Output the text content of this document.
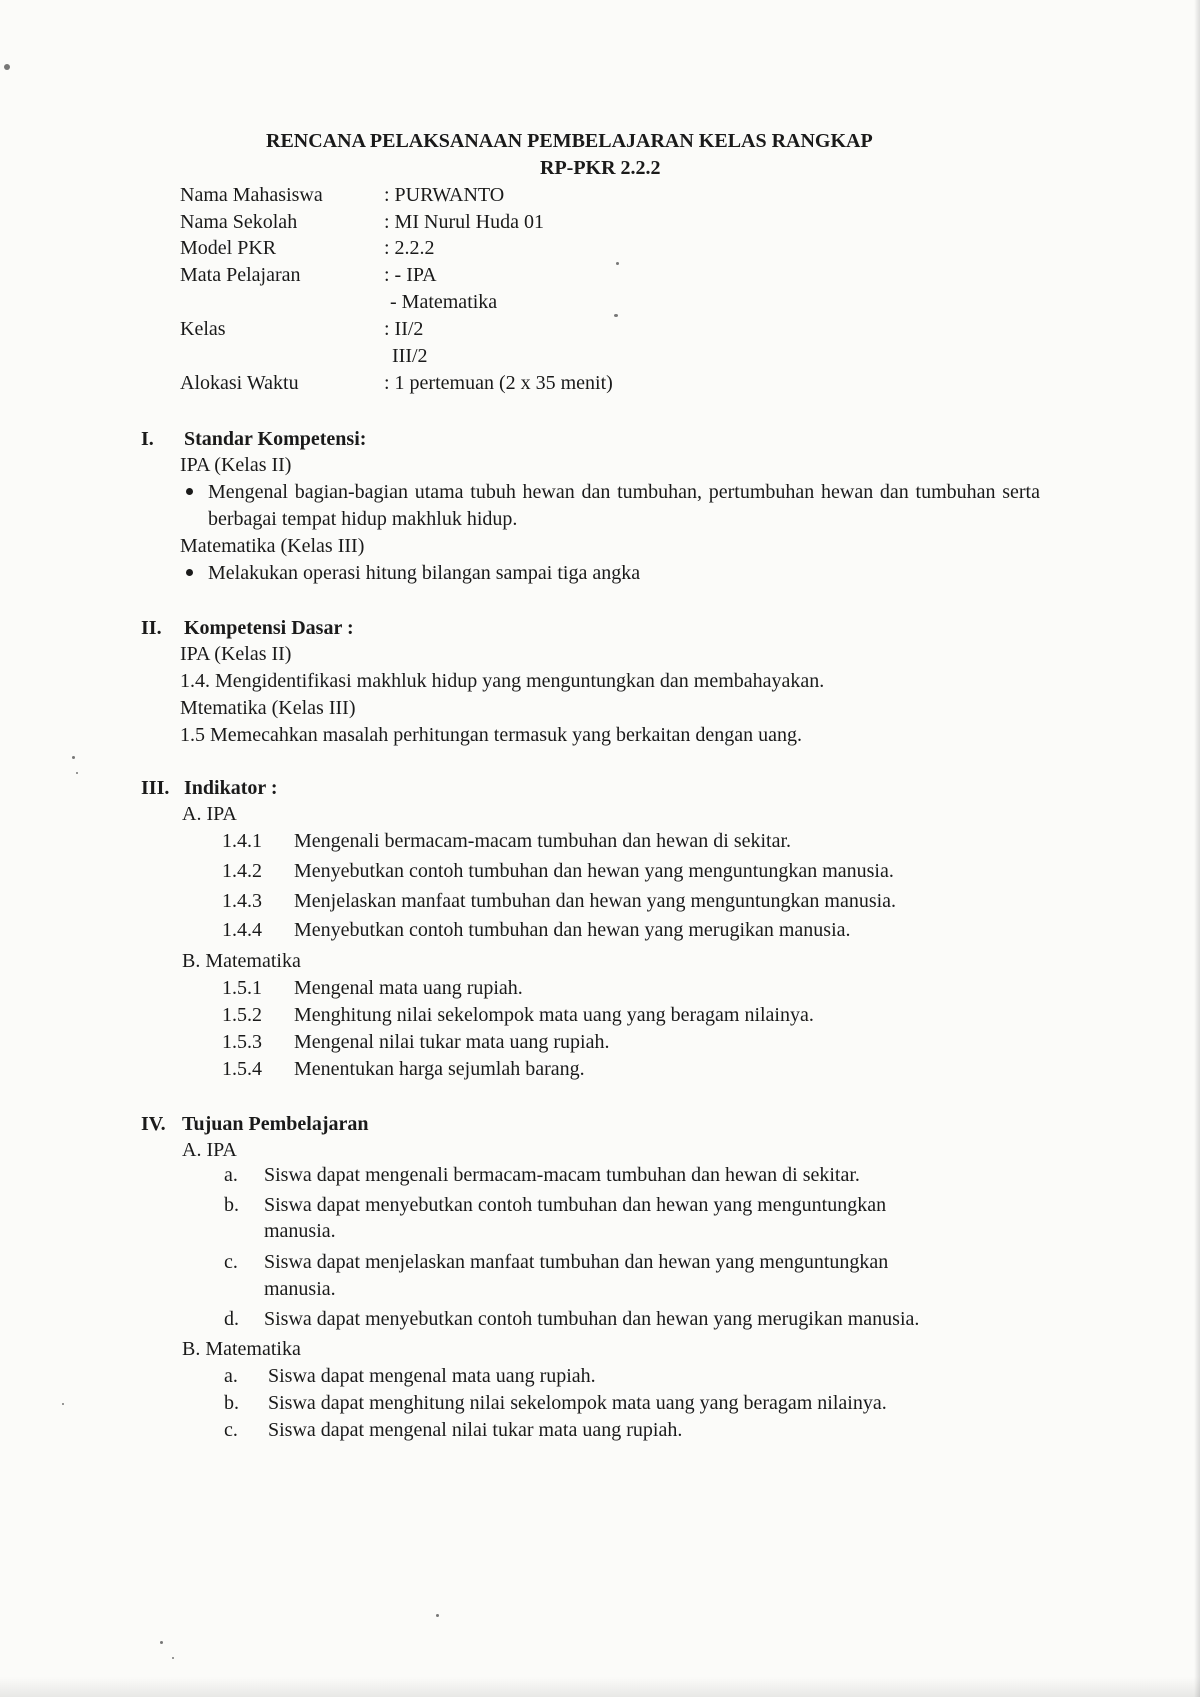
RENCANA PELAKSANAAN PEMBELAJARAN KELAS RANGKAP
RP-PKR 2.2.2
Nama Mahasiswa	: PURWANTO
Nama Sekolah	: MI Nurul Huda 01
Model PKR	: 2.2.2
Mata Pelajaran	: - IPA
- Matematika
Kelas	: II/2
III/2
Alokasi Waktu	: 1 pertemuan (2 x 35 menit)
I. Standar Kompetensi:
IPA (Kelas II)
Mengenal bagian-bagian utama tubuh hewan dan tumbuhan, pertumbuhan hewan dan tumbuhan serta berbagai tempat hidup makhluk hidup.
Matematika (Kelas III)
Melakukan operasi hitung bilangan sampai tiga angka
II. Kompetensi Dasar :
IPA (Kelas II)
1.4. Mengidentifikasi makhluk hidup yang menguntungkan dan membahayakan.
Mtematika (Kelas III)
1.5 Memecahkan masalah perhitungan termasuk yang berkaitan dengan uang.
III. Indikator :
A. IPA
1.4.1 Mengenali bermacam-macam tumbuhan dan hewan di sekitar.
1.4.2 Menyebutkan contoh tumbuhan dan hewan yang menguntungkan manusia.
1.4.3 Menjelaskan manfaat tumbuhan dan hewan yang menguntungkan manusia.
1.4.4 Menyebutkan contoh tumbuhan dan hewan yang merugikan manusia.
B. Matematika
1.5.1 Mengenal mata uang rupiah.
1.5.2 Menghitung nilai sekelompok mata uang yang beragam nilainya.
1.5.3 Mengenal nilai tukar mata uang rupiah.
1.5.4 Menentukan harga sejumlah barang.
IV. Tujuan Pembelajaran
A. IPA
a. Siswa dapat mengenali bermacam-macam tumbuhan dan hewan di sekitar.
b. Siswa dapat menyebutkan contoh tumbuhan dan hewan yang menguntungkan
manusia.
c. Siswa dapat menjelaskan manfaat tumbuhan dan hewan yang menguntungkan
manusia.
d. Siswa dapat menyebutkan contoh tumbuhan dan hewan yang merugikan manusia.
B. Matematika
a. Siswa dapat mengenal mata uang rupiah.
b. Siswa dapat menghitung nilai sekelompok mata uang yang beragam nilainya.
c. Siswa dapat mengenal nilai tukar mata uang rupiah.
